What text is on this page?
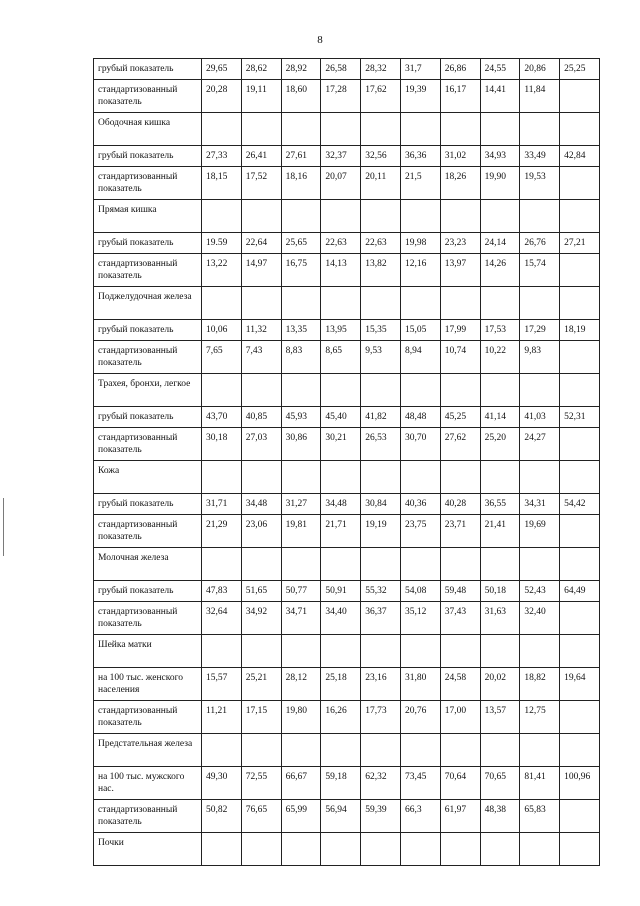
8
грубый показатель	29,65	28,62	28,92	26,58	28,32	31,7	26,86	24,55	20,86	25,25
стандартизованный показатель	20,28	19,11	18,60	17,28	17,62	19,39	16,17	14,41	11,84	
Ободочная кишка										
грубый показатель	27,33	26,41	27,61	32,37	32,56	36,36	31,02	34,93	33,49	42,84
стандартизованный показатель	18,15	17,52	18,16	20,07	20,11	21,5	18,26	19,90	19,53	
Прямая кишка										
грубый показатель	19.59	22,64	25,65	22,63	22,63	19,98	23,23	24,14	26,76	27,21
стандартизованный показатель	13,22	14,97	16,75	14,13	13,82	12,16	13,97	14,26	15,74	
Поджелудочная железа										
грубый показатель	10,06	11,32	13,35	13,95	15,35	15,05	17,99	17,53	17,29	18,19
стандартизованный показатель	7,65	7,43	8,83	8,65	9,53	8,94	10,74	10,22	9,83	
Трахея, бронхи, легкое										
грубый показатель	43,70	40,85	45,93	45,40	41,82	48,48	45,25	41,14	41,03	52,31
стандартизованный показатель	30,18	27,03	30,86	30,21	26,53	30,70	27,62	25,20	24,27	
Кожа										
грубый показатель	31,71	34,48	31,27	34,48	30,84	40,36	40,28	36,55	34,31	54,42
стандартизованный показатель	21,29	23,06	19,81	21,71	19,19	23,75	23,71	21,41	19,69	
Молочная железа										
грубый показатель	47,83	51,65	50,77	50,91	55,32	54,08	59,48	50,18	52,43	64,49
стандартизованный показатель	32,64	34,92	34,71	34,40	36,37	35,12	37,43	31,63	32,40	
Шейка матки										
на 100 тыс. женского населения	15,57	25,21	28,12	25,18	23,16	31,80	24,58	20,02	18,82	19,64
стандартизованный показатель	11,21	17,15	19,80	16,26	17,73	20,76	17,00	13,57	12,75	
Предстательная железа										
на 100 тыс. мужского нас.	49,30	72,55	66,67	59,18	62,32	73,45	70,64	70,65	81,41	100,96
стандартизованный показатель	50,82	76,65	65,99	56,94	59,39	66,3	61,97	48,38	65,83	
Почки										
